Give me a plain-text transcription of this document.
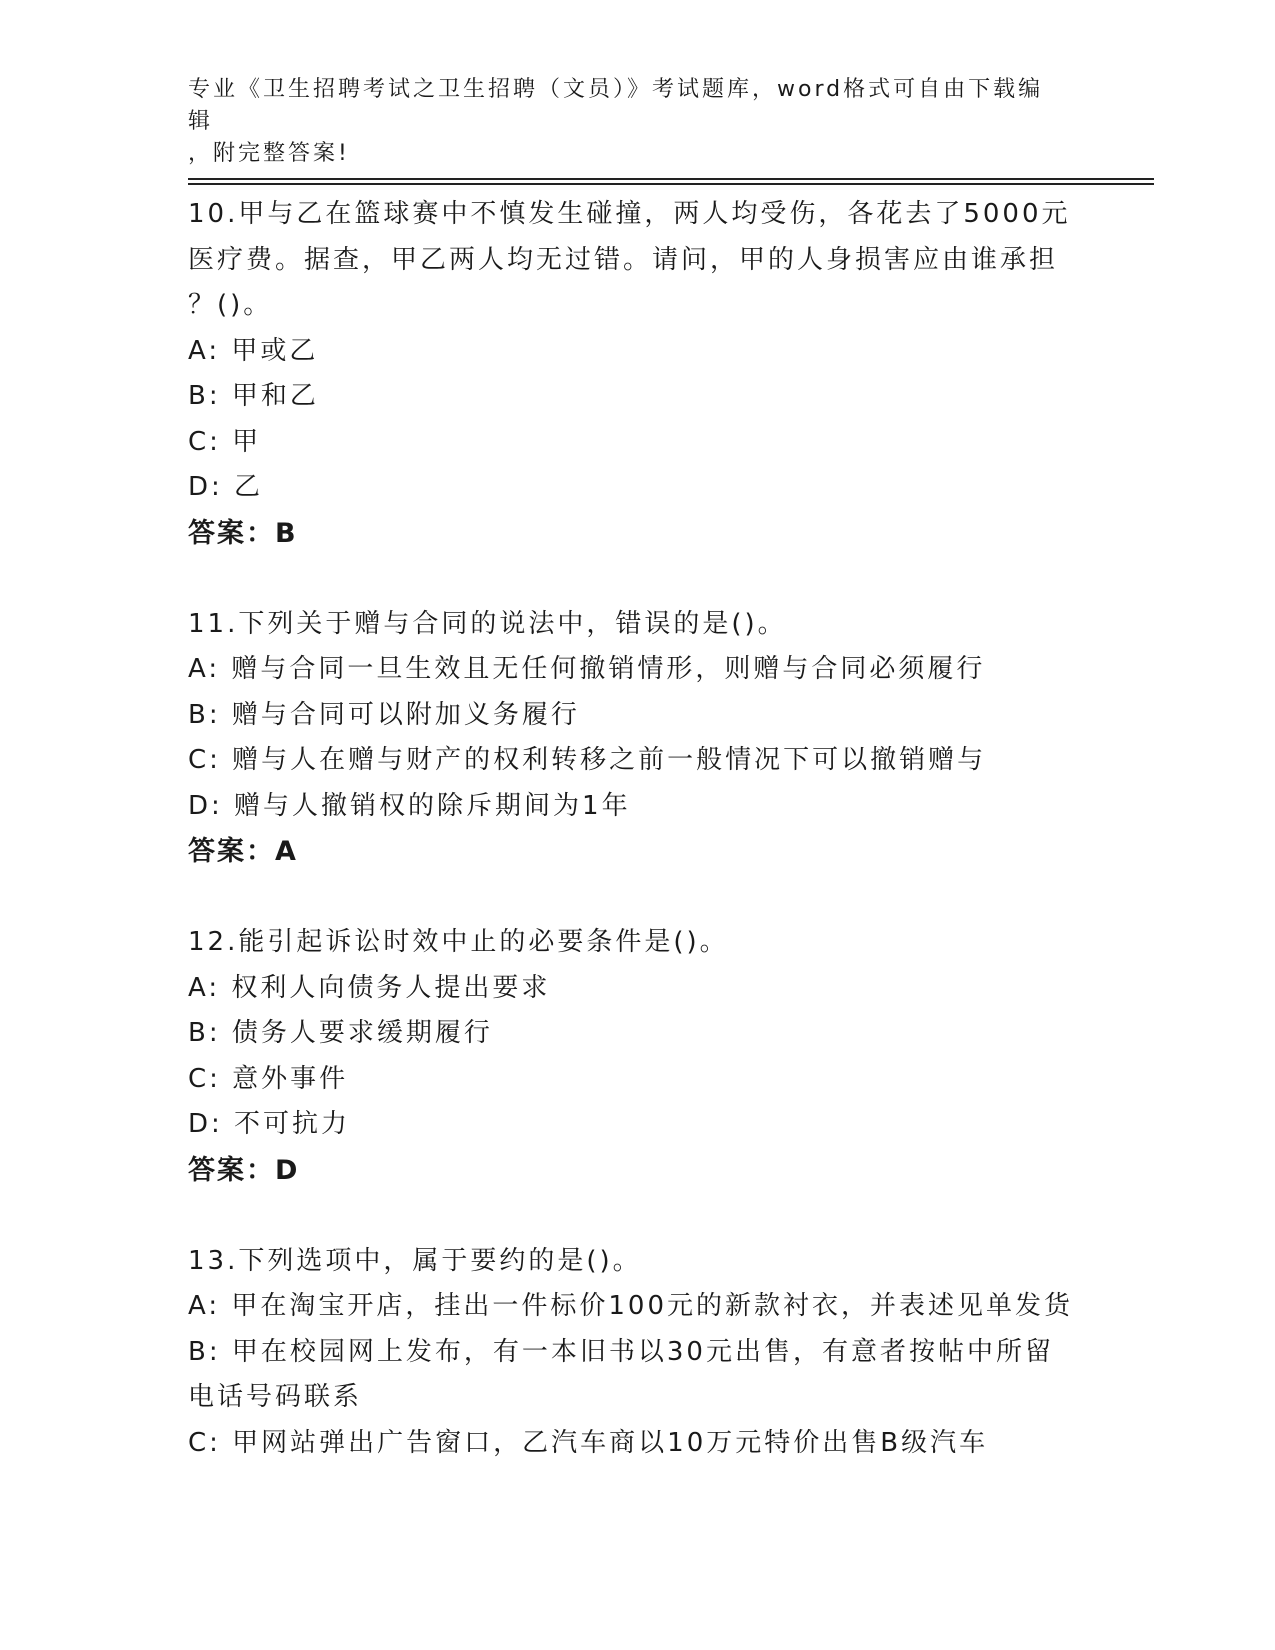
专业《卫生招聘考试之卫生招聘（文员）》考试题库，word格式可自由下载编辑
，附完整答案!
10.甲与乙在篮球赛中不慎发生碰撞，两人均受伤，各花去了5000元
医疗费。据查，甲乙两人均无过错。请问，甲的人身损害应由谁承担
？()。
A: 甲或乙
B: 甲和乙
C: 甲
D: 乙
答案：B
11.下列关于赠与合同的说法中，错误的是()。
A: 赠与合同一旦生效且无任何撤销情形，则赠与合同必须履行
B: 赠与合同可以附加义务履行
C: 赠与人在赠与财产的权利转移之前一般情况下可以撤销赠与
D: 赠与人撤销权的除斥期间为1年
答案：A
12.能引起诉讼时效中止的必要条件是()。
A: 权利人向债务人提出要求
B: 债务人要求缓期履行
C: 意外事件
D: 不可抗力
答案：D
13.下列选项中，属于要约的是()。
A: 甲在淘宝开店，挂出一件标价100元的新款衬衣，并表述见单发货
B: 甲在校园网上发布，有一本旧书以30元出售，有意者按帖中所留
电话号码联系
C: 甲网站弹出广告窗口，乙汽车商以10万元特价出售B级汽车
